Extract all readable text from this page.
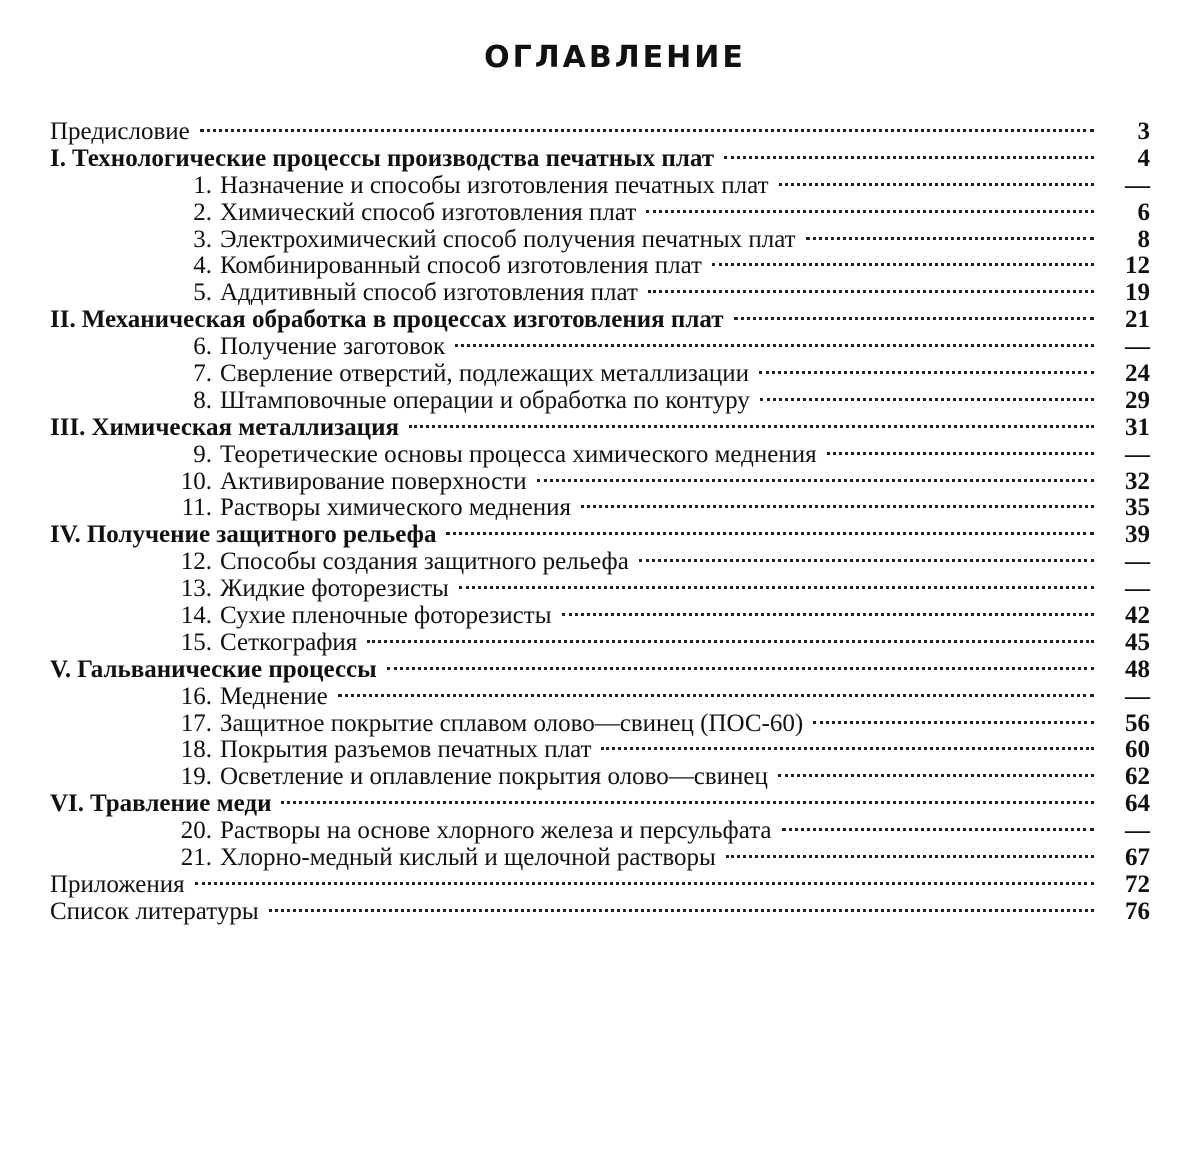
ОГЛАВЛЕНИЕ
Предисловие	3
I. Технологические процессы производства печатных плат	4
1. Назначение и способы изготовления печатных плат	—
2. Химический способ изготовления плат	6
3. Электрохимический способ получения печатных плат	8
4. Комбинированный способ изготовления плат	12
5. Аддитивный способ изготовления плат	19
II. Механическая обработка в процессах изготовления плат	21
6. Получение заготовок	—
7. Сверление отверстий, подлежащих металлизации	24
8. Штамповочные операции и обработка по контуру	29
III. Химическая металлизация	31
9. Теоретические основы процесса химического меднения	—
10. Активирование поверхности	32
11. Растворы химического меднения	35
IV. Получение защитного рельефа	39
12. Способы создания защитного рельефа	—
13. Жидкие фоторезисты	—
14. Сухие пленочные фоторезисты	42
15. Сеткография	45
V. Гальванические процессы	48
16. Меднение	—
17. Защитное покрытие сплавом олово—свинец (ПОС-60)	56
18. Покрытия разъемов печатных плат	60
19. Осветление и оплавление покрытия олово—свинец	62
VI. Травление меди	64
20. Растворы на основе хлорного железа и персульфата	—
21. Хлорно-медный кислый и щелочной растворы	67
Приложения	72
Список литературы	76
